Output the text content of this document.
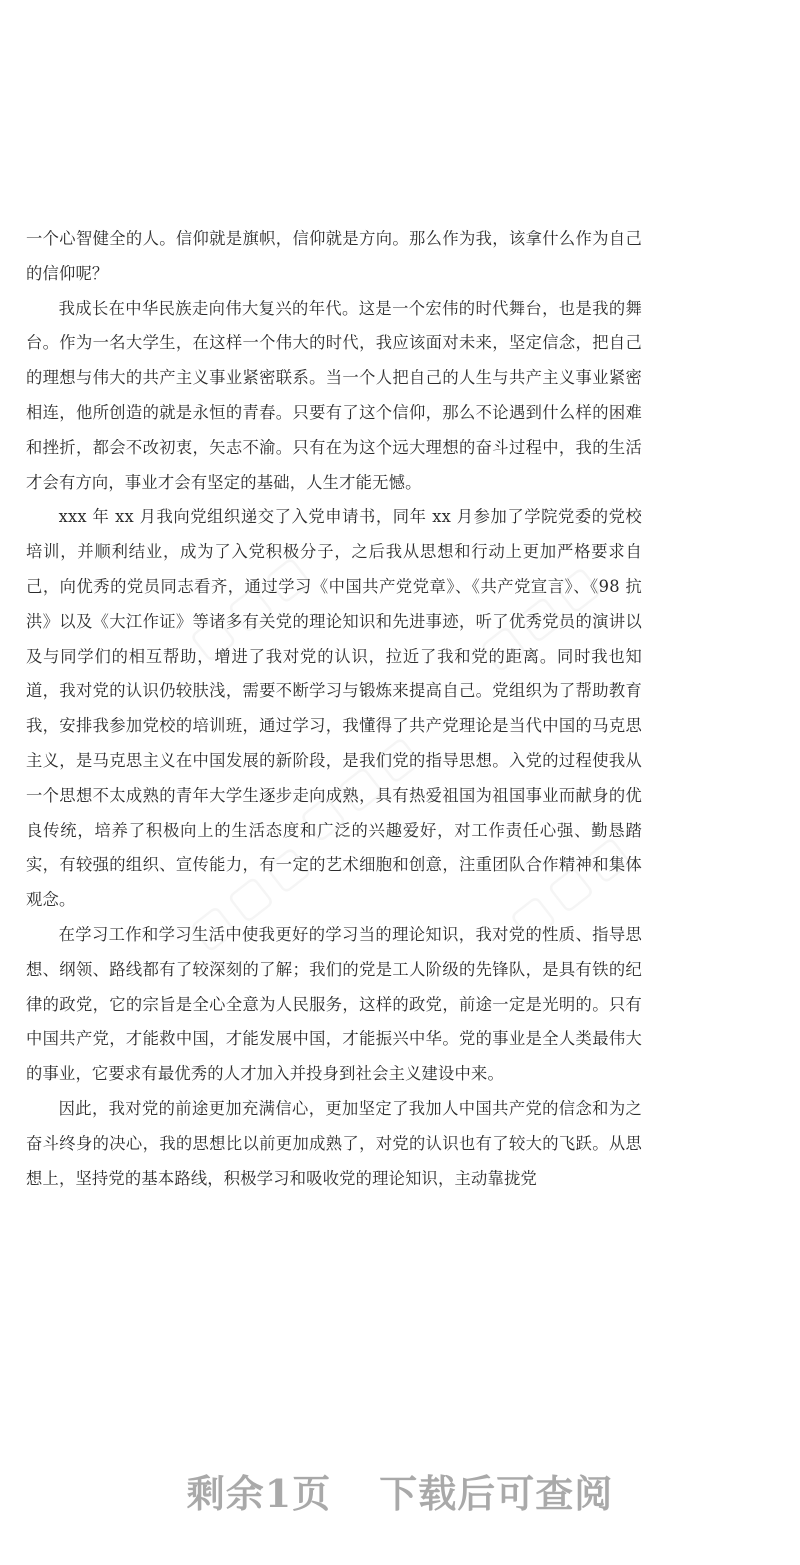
▢▢▢	▢▢▢
▢▢▢
▢▢▢	▢▢▢

一个心智健全的人。信仰就是旗帜，信仰就是方向。那么作为我，该拿什么作为自己的信仰呢？

我成长在中华民族走向伟大复兴的年代。这是一个宏伟的时代舞台，也是我的舞台。作为一名大学生，在这样一个伟大的时代，我应该面对未来，坚定信念，把自己的理想与伟大的共产主义事业紧密联系。当一个人把自己的人生与共产主义事业紧密相连，他所创造的就是永恒的青春。只要有了这个信仰，那么不论遇到什么样的困难和挫折，都会不改初衷，矢志不渝。只有在为这个远大理想的奋斗过程中，我的生活才会有方向，事业才会有坚定的基础，人生才能无憾。

xxx 年 xx 月我向党组织递交了入党申请书，同年 xx 月参加了学院党委的党校培训，并顺利结业，成为了入党积极分子，之后我从思想和行动上更加严格要求自己，向优秀的党员同志看齐，通过学习《中国共产党党章》、《共产党宣言》、《98 抗洪》以及《大江作证》等诸多有关党的理论知识和先进事迹，听了优秀党员的演讲以及与同学们的相互帮助，增进了我对党的认识，拉近了我和党的距离。同时我也知道，我对党的认识仍较肤浅，需要不断学习与锻炼来提高自己。党组织为了帮助教育我，安排我参加党校的培训班，通过学习，我懂得了共产党理论是当代中国的马克思主义，是马克思主义在中国发展的新阶段，是我们党的指导思想。入党的过程使我从一个思想不太成熟的青年大学生逐步走向成熟，具有热爱祖国为祖国事业而献身的优良传统，培养了积极向上的生活态度和广泛的兴趣爱好，对工作责任心强、勤恳踏实，有较强的组织、宣传能力，有一定的艺术细胞和创意，注重团队合作精神和集体观念。

在学习工作和学习生活中使我更好的学习当的理论知识，我对党的性质、指导思想、纲领、路线都有了较深刻的了解；我们的党是工人阶级的先锋队，是具有铁的纪律的政党，它的宗旨是全心全意为人民服务，这样的政党，前途一定是光明的。只有中国共产党，才能救中国，才能发展中国，才能振兴中华。党的事业是全人类最伟大的事业，它要求有最优秀的人才加入并投身到社会主义建设中来。

因此，我对党的前途更加充满信心，更加坚定了我加人中国共产党的信念和为之奋斗终身的决心，我的思想比以前更加成熟了，对党的认识也有了较大的飞跃。从思想上，坚持党的基本路线，积极学习和吸收党的理论知识，主动靠拢党

剩余1页 下载后可查阅
